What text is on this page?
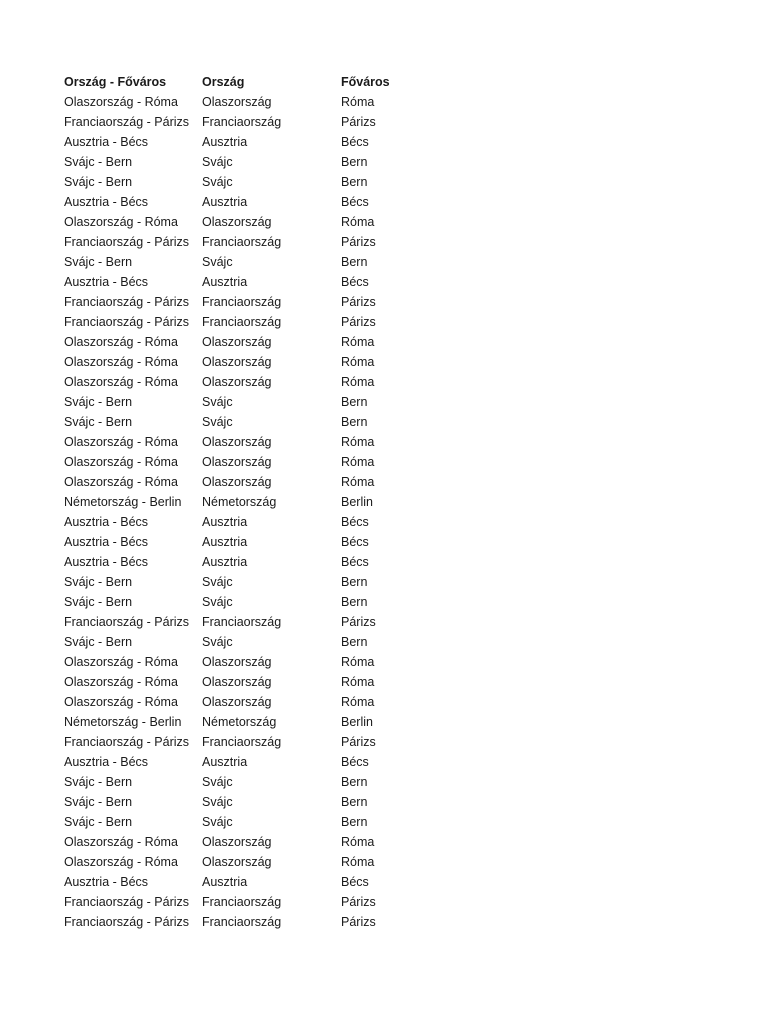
Ország - Főváros	Ország	Főváros
Olaszország - Róma	Olaszország	Róma
Franciaország - Párizs	Franciaország	Párizs
Ausztria - Bécs	Ausztria	Bécs
Svájc - Bern	Svájc	Bern
Svájc - Bern	Svájc	Bern
Ausztria - Bécs	Ausztria	Bécs
Olaszország - Róma	Olaszország	Róma
Franciaország - Párizs	Franciaország	Párizs
Svájc - Bern	Svájc	Bern
Ausztria - Bécs	Ausztria	Bécs
Franciaország - Párizs	Franciaország	Párizs
Franciaország - Párizs	Franciaország	Párizs
Olaszország - Róma	Olaszország	Róma
Olaszország - Róma	Olaszország	Róma
Olaszország - Róma	Olaszország	Róma
Svájc - Bern	Svájc	Bern
Svájc - Bern	Svájc	Bern
Olaszország - Róma	Olaszország	Róma
Olaszország - Róma	Olaszország	Róma
Olaszország - Róma	Olaszország	Róma
Németország - Berlin	Németország	Berlin
Ausztria - Bécs	Ausztria	Bécs
Ausztria - Bécs	Ausztria	Bécs
Ausztria - Bécs	Ausztria	Bécs
Svájc - Bern	Svájc	Bern
Svájc - Bern	Svájc	Bern
Franciaország - Párizs	Franciaország	Párizs
Svájc - Bern	Svájc	Bern
Olaszország - Róma	Olaszország	Róma
Olaszország - Róma	Olaszország	Róma
Olaszország - Róma	Olaszország	Róma
Németország - Berlin	Németország	Berlin
Franciaország - Párizs	Franciaország	Párizs
Ausztria - Bécs	Ausztria	Bécs
Svájc - Bern	Svájc	Bern
Svájc - Bern	Svájc	Bern
Svájc - Bern	Svájc	Bern
Olaszország - Róma	Olaszország	Róma
Olaszország - Róma	Olaszország	Róma
Ausztria - Bécs	Ausztria	Bécs
Franciaország - Párizs	Franciaország	Párizs
Franciaország - Párizs	Franciaország	Párizs
